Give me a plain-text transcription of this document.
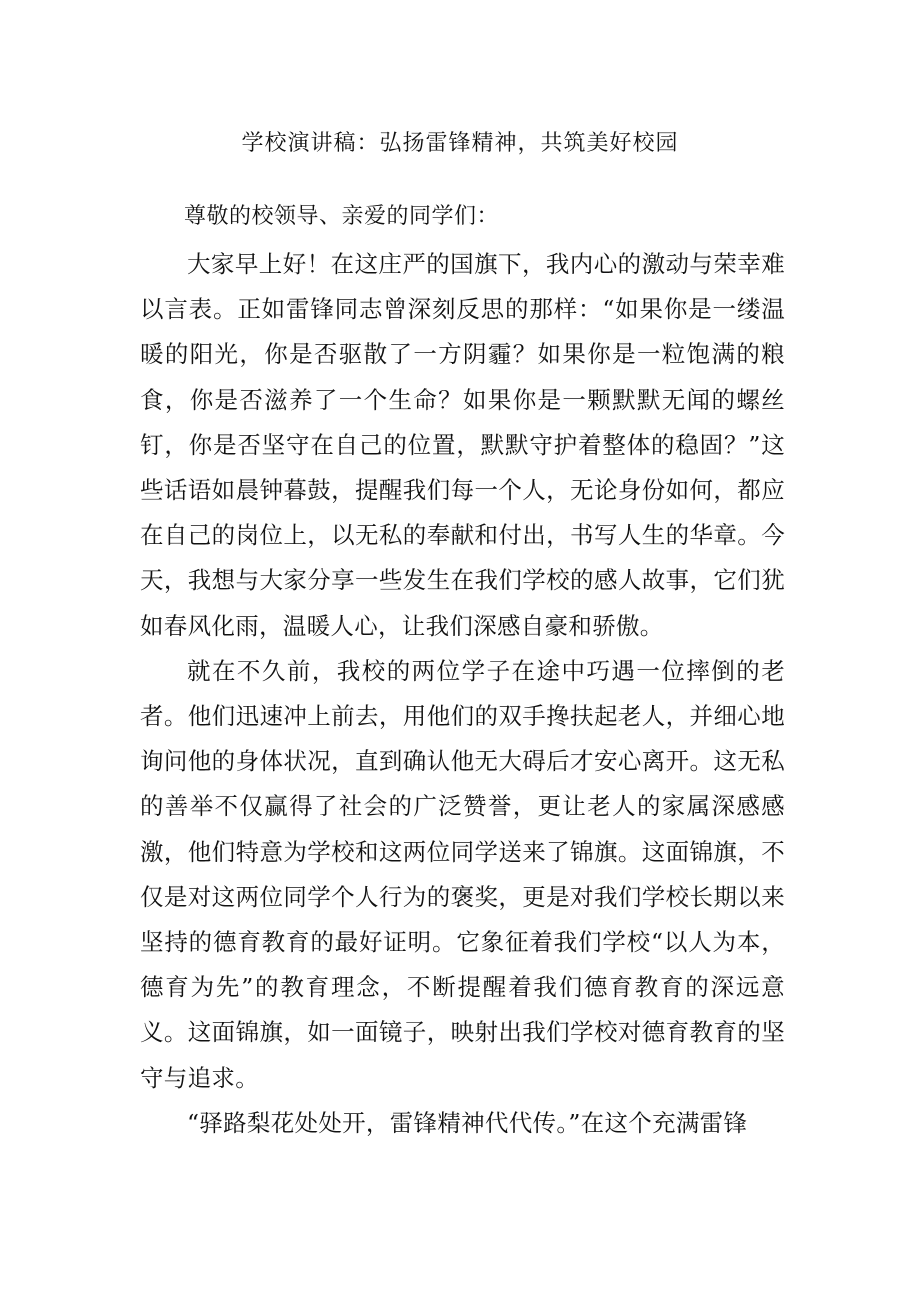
学校演讲稿：弘扬雷锋精神，共筑美好校园

尊敬的校领导、亲爱的同学们：

大家早上好！在这庄严的国旗下，我内心的激动与荣幸难以言表。正如雷锋同志曾深刻反思的那样：“如果你是一缕温暖的阳光，你是否驱散了一方阴霾？如果你是一粒饱满的粮食，你是否滋养了一个生命？如果你是一颗默默无闻的螺丝钉，你是否坚守在自己的位置，默默守护着整体的稳固？”这些话语如晨钟暮鼓，提醒我们每一个人，无论身份如何，都应在自己的岗位上，以无私的奉献和付出，书写人生的华章。今天，我想与大家分享一些发生在我们学校的感人故事，它们犹如春风化雨，温暖人心，让我们深感自豪和骄傲。

就在不久前，我校的两位学子在途中巧遇一位摔倒的老者。他们迅速冲上前去，用他们的双手搀扶起老人，并细心地询问他的身体状况，直到确认他无大碍后才安心离开。这无私的善举不仅赢得了社会的广泛赞誉，更让老人的家属深感感激，他们特意为学校和这两位同学送来了锦旗。这面锦旗，不仅是对这两位同学个人行为的褒奖，更是对我们学校长期以来坚持的德育教育的最好证明。它象征着我们学校“以人为本，德育为先”的教育理念，不断提醒着我们德育教育的深远意义。这面锦旗，如一面镜子，映射出我们学校对德育教育的坚守与追求。

“驿路梨花处处开，雷锋精神代代传。”在这个充满雷锋
